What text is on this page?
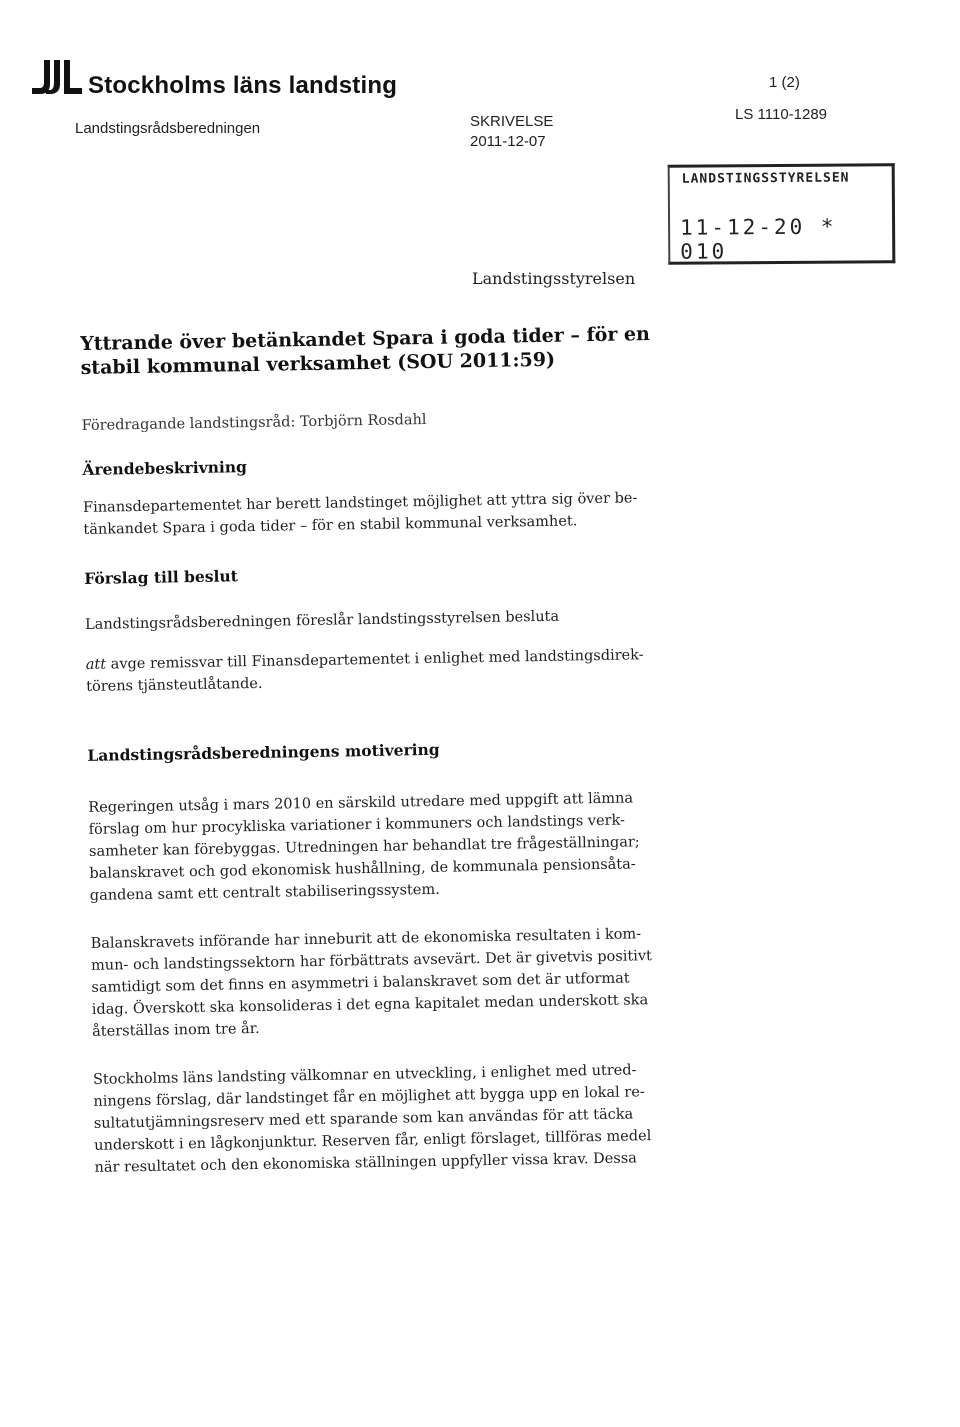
Stockholms läns landsting
Landstingsrådsberedningen	SKRIVELSE
2011-12-07
1 (2)
LS 1110-1289
LANDSTINGSSTYRELSEN
11-12-20 * 010
Landstingsstyrelsen
Yttrande över betänkandet Spara i goda tider – för en
stabil kommunal verksamhet (SOU 2011:59)
Föredragande landstingsråd: Torbjörn Rosdahl
Ärendebeskrivning

Finansdepartementet har berett landstinget möjlighet att yttra sig över be-
tänkandet Spara i goda tider – för en stabil kommunal verksamhet.

Förslag till beslut

Landstingsrådsberedningen föreslår landstingsstyrelsen besluta

att avge remissvar till Finansdepartementet i enlighet med landstingsdirek-
törens tjänsteutlåtande.

Landstingsrådsberedningens motivering

Regeringen utsåg i mars 2010 en särskild utredare med uppgift att lämna
förslag om hur procykliska variationer i kommuners och landstings verk-
samheter kan förebyggas. Utredningen har behandlat tre frågeställningar;
balanskravet och god ekonomisk hushållning, de kommunala pensionsåta-
gandena samt ett centralt stabiliseringssystem.

Balanskravets införande har inneburit att de ekonomiska resultaten i kom-
mun- och landstingssektorn har förbättrats avsevärt. Det är givetvis positivt
samtidigt som det finns en asymmetri i balanskravet som det är utformat
idag. Överskott ska konsolideras i det egna kapitalet medan underskott ska
återställas inom tre år.

Stockholms läns landsting välkomnar en utveckling, i enlighet med utred-
ningens förslag, där landstinget får en möjlighet att bygga upp en lokal re-
sultatutjämningsreserv med ett sparande som kan användas för att täcka
underskott i en lågkonjunktur. Reserven får, enligt förslaget, tillföras medel
när resultatet och den ekonomiska ställningen uppfyller vissa krav. Dessa
